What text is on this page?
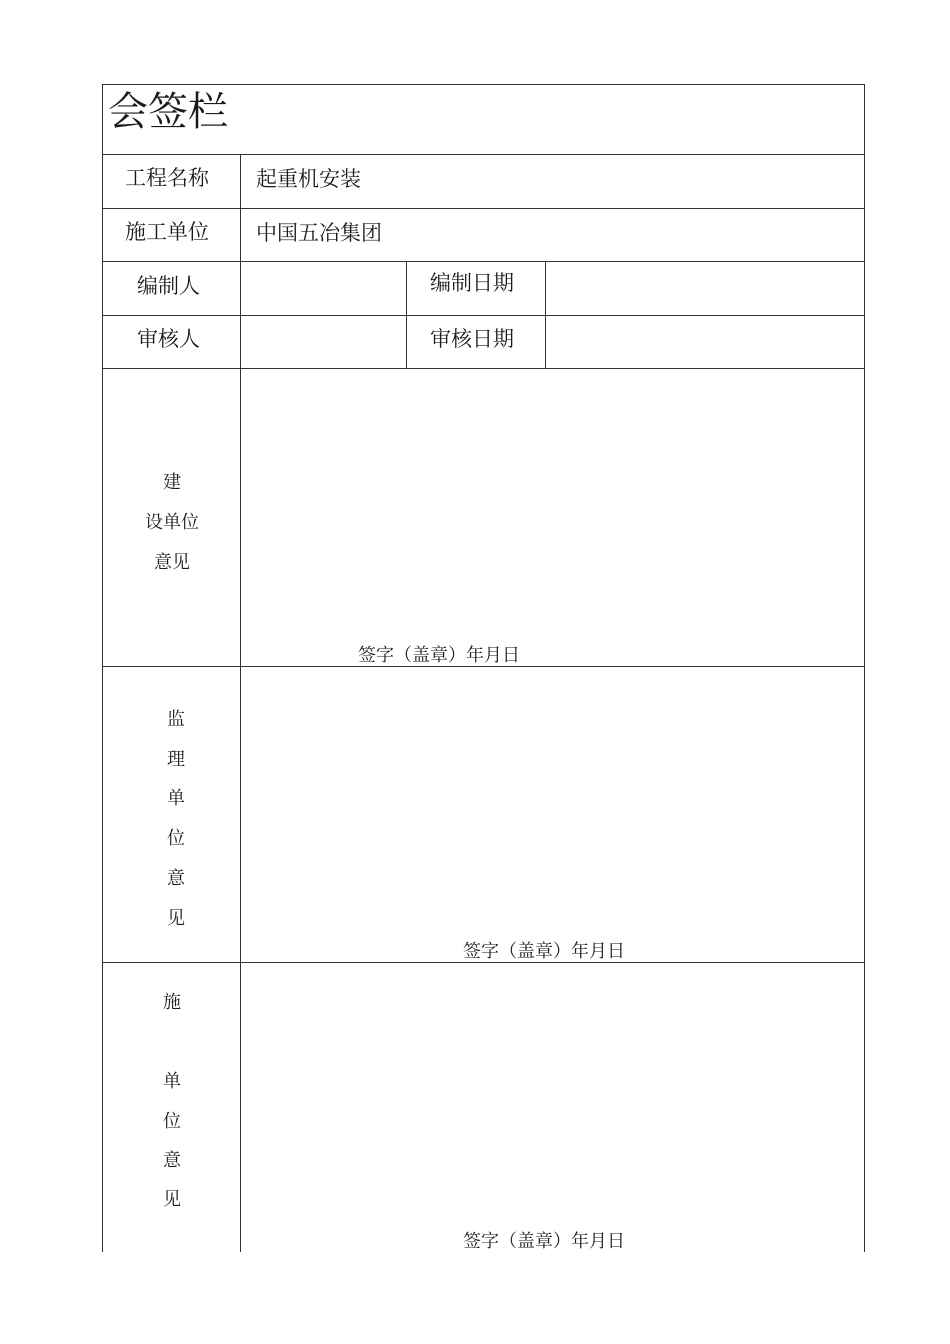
会签栏
工程名称 起重机安装
施工单位 中国五冶集团
编制人	编制日期
审核人	审核日期
建
设单位
意见
签字（盖章）年月日
监
理
单
位
意
见
签字（盖章）年月日
施
单
位
意
见
签字（盖章）年月日
